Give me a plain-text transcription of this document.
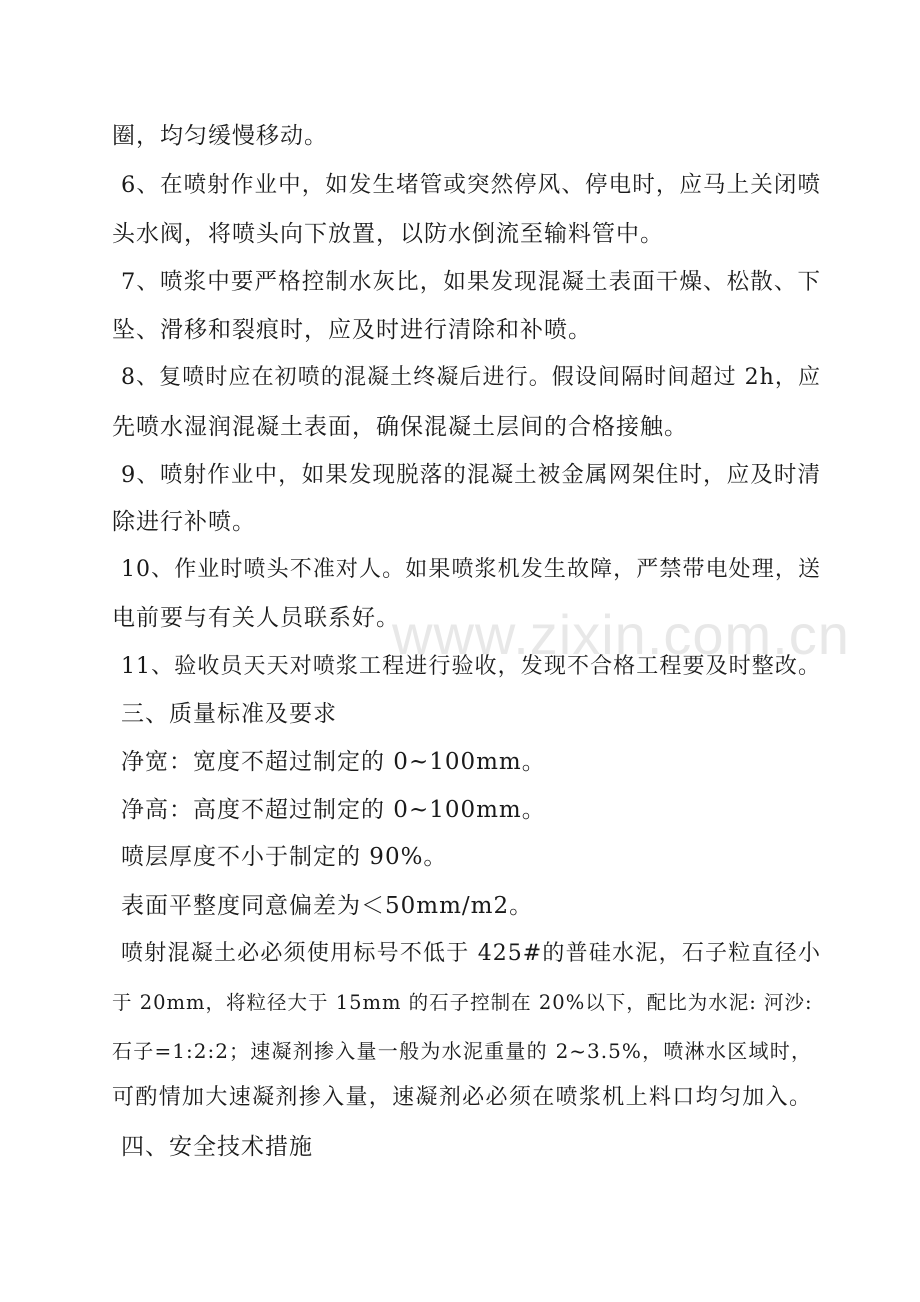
圈，均匀缓慢移动。
6、在喷射作业中，如发生堵管或突然停风、停电时，应马上关闭喷
头水阀，将喷头向下放置，以防水倒流至输料管中。
7、喷浆中要严格控制水灰比，如果发现混凝土表面干燥、松散、下
坠、滑移和裂痕时，应及时进行清除和补喷。
8、复喷时应在初喷的混凝土终凝后进行。假设间隔时间超过 2h，应
先喷水湿润混凝土表面，确保混凝土层间的合格接触。
9、喷射作业中，如果发现脱落的混凝土被金属网架住时，应及时清
除进行补喷。
10、作业时喷头不准对人。如果喷浆机发生故障，严禁带电处理，送
电前要与有关人员联系好。
11、验收员天天对喷浆工程进行验收，发现不合格工程要及时整改。
三、质量标准及要求
净宽：宽度不超过制定的 0~100mm。
净高：高度不超过制定的 0~100mm。
喷层厚度不小于制定的 90%。
表面平整度同意偏差为＜50mm/m2。
喷射混凝土必必须使用标号不低于 425#的普硅水泥，石子粒直径小
于 20mm，将粒径大于 15mm 的石子控制在 20%以下，配比为水泥: 河沙:
石子=1:2:2；速凝剂掺入量一般为水泥重量的 2~3.5%，喷淋水区域时，
可酌情加大速凝剂掺入量，速凝剂必必须在喷浆机上料口均匀加入。
四、安全技术措施
www.zixin.com.cn
